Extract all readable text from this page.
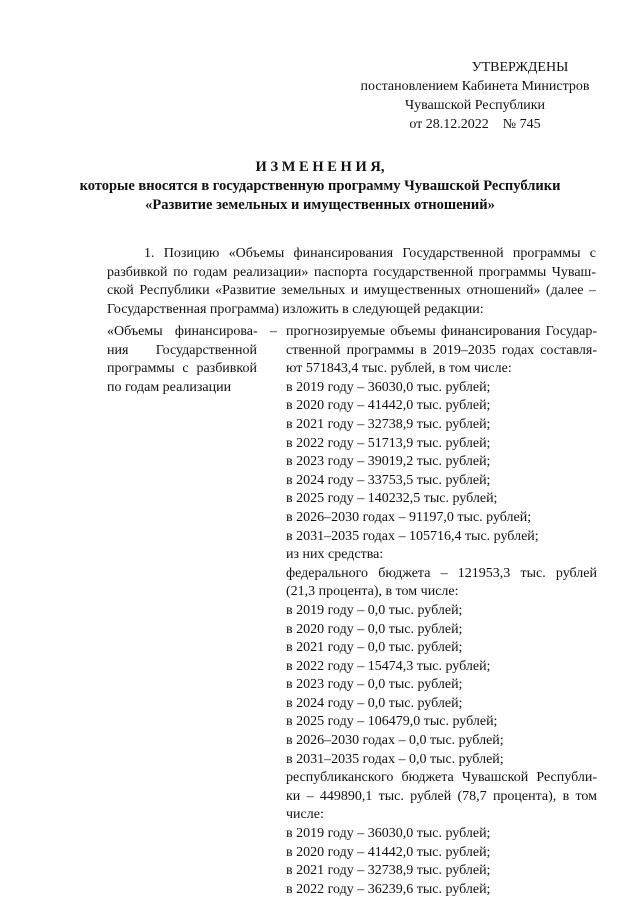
УТВЕРЖДЕНЫ
постановлением Кабинета Министров
Чувашской Республики
от 28.12.2022    № 745
И З М Е Н Е Н И Я,
которые вносятся в государственную программу Чувашской Республики
«Развитие земельных и имущественных отношений»
1. Позицию «Объемы финансирования Государственной программы с
разбивкой по годам реализации» паспорта государственной программы Чуваш-
ской Республики «Развитие земельных и имущественных отношений» (далее –
Государственная программа) изложить в следующей редакции:
«Объемы финансирова- –
ния Государственной
программы с разбивкой
по годам реализации
прогнозируемые объемы финансирования Государ-
ственной программы в 2019–2035 годах составля-
ют 571843,4 тыс. рублей, в том числе:
в 2019 году – 36030,0 тыс. рублей;
в 2020 году – 41442,0 тыс. рублей;
в 2021 году – 32738,9 тыс. рублей;
в 2022 году – 51713,9 тыс. рублей;
в 2023 году – 39019,2 тыс. рублей;
в 2024 году – 33753,5 тыс. рублей;
в 2025 году – 140232,5 тыс. рублей;
в 2026–2030 годах – 91197,0 тыс. рублей;
в 2031–2035 годах – 105716,4 тыс. рублей;
из них средства:
федерального бюджета – 121953,3 тыс. рублей
(21,3 процента), в том числе:
в 2019 году – 0,0 тыс. рублей;
в 2020 году – 0,0 тыс. рублей;
в 2021 году – 0,0 тыс. рублей;
в 2022 году – 15474,3 тыс. рублей;
в 2023 году – 0,0 тыс. рублей;
в 2024 году – 0,0 тыс. рублей;
в 2025 году – 106479,0 тыс. рублей;
в 2026–2030 годах – 0,0 тыс. рублей;
в 2031–2035 годах – 0,0 тыс. рублей;
республиканского бюджета Чувашской Республи-
ки – 449890,1 тыс. рублей (78,7 процента), в том
числе:
в 2019 году – 36030,0 тыс. рублей;
в 2020 году – 41442,0 тыс. рублей;
в 2021 году – 32738,9 тыс. рублей;
в 2022 году – 36239,6 тыс. рублей;
